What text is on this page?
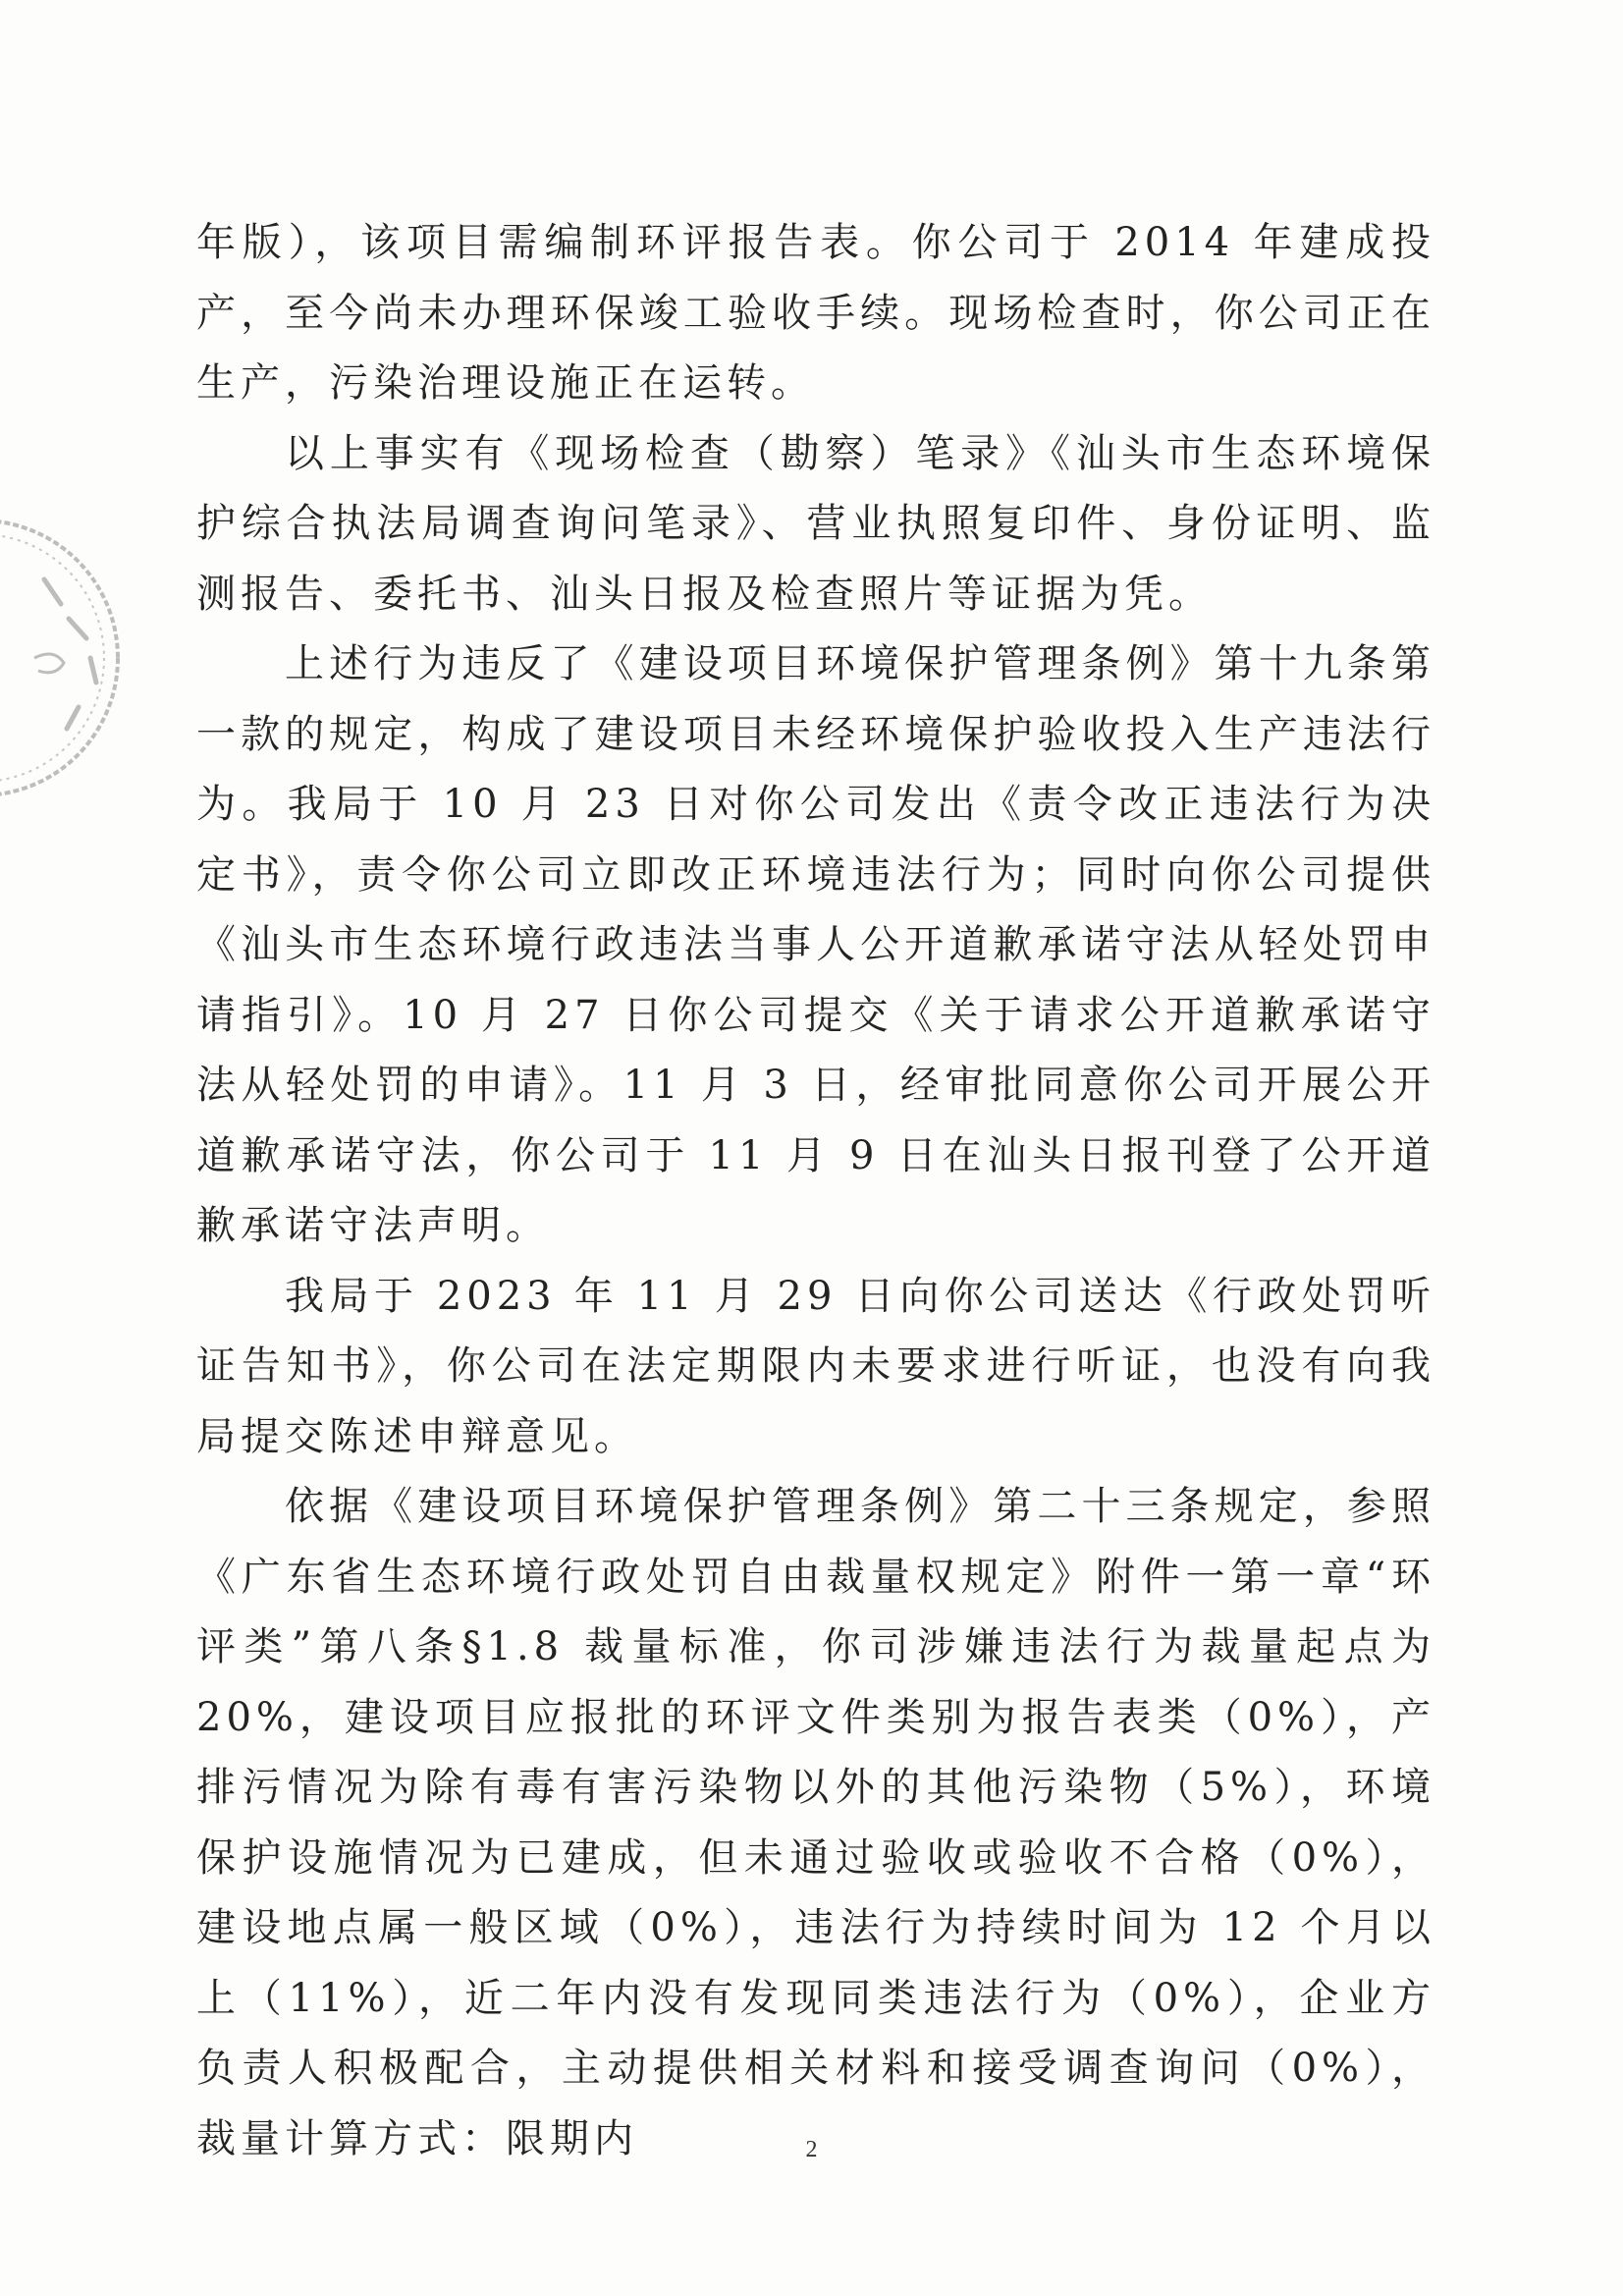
年版），该项目需编制环评报告表。你公司于 2014 年建成投产，至今尚未办理环保竣工验收手续。现场检查时，你公司正在生产，污染治理设施正在运转。

以上事实有《现场检查（勘察）笔录》《汕头市生态环境保护综合执法局调查询问笔录》、营业执照复印件、身份证明、监测报告、委托书、汕头日报及检查照片等证据为凭。

上述行为违反了《建设项目环境保护管理条例》第十九条第一款的规定，构成了建设项目未经环境保护验收投入生产违法行为。我局于 10 月 23 日对你公司发出《责令改正违法行为决定书》，责令你公司立即改正环境违法行为；同时向你公司提供《汕头市生态环境行政违法当事人公开道歉承诺守法从轻处罚申请指引》。10 月 27 日你公司提交《关于请求公开道歉承诺守法从轻处罚的申请》。11 月 3 日，经审批同意你公司开展公开道歉承诺守法，你公司于 11 月 9 日在汕头日报刊登了公开道歉承诺守法声明。

我局于 2023 年 11 月 29 日向你公司送达《行政处罚听证告知书》，你公司在法定期限内未要求进行听证，也没有向我局提交陈述申辩意见。

依据《建设项目环境保护管理条例》第二十三条规定，参照《广东省生态环境行政处罚自由裁量权规定》附件一第一章“环评类”第八条§1.8 裁量标准，你司涉嫌违法行为裁量起点为 20%，建设项目应报批的环评文件类别为报告表类（0%），产排污情况为除有毒有害污染物以外的其他污染物（5%），环境保护设施情况为已建成，但未通过验收或验收不合格（0%），建设地点属一般区域（0%），违法行为持续时间为 12 个月以上（11%），近二年内没有发现同类违法行为（0%），企业方负责人积极配合，主动提供相关材料和接受调查询问（0%），裁量计算方式：限期内	2
